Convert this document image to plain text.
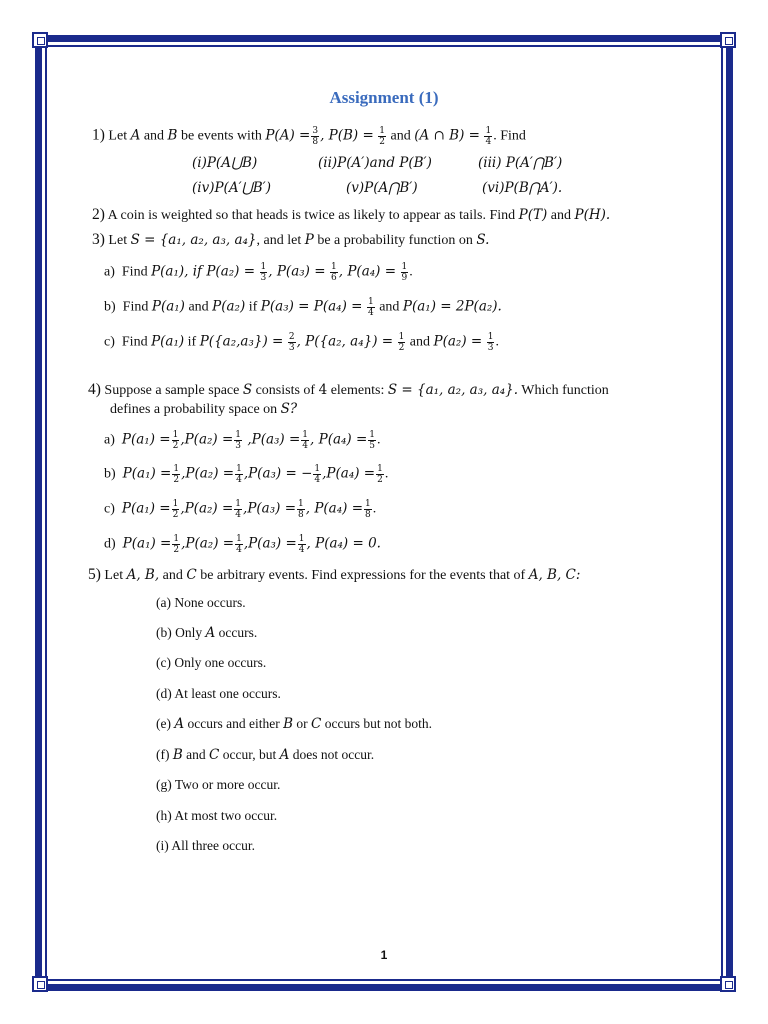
Assignment (1)
1) Let A and B be events with $P(A) = \frac{3}{8}$ , $P(B) = \frac{1}{2}$ and (A ∩ $B) = \frac{1}{4}$ . Find
(i)P(A⋃B)	(ii)P(A′)and P(B′)	(iii) P(A′⋂B′)
(iv)P(A′⋃B′)	(v)P(A⋂B′)	(vi)P(B⋂A′).
2) A coin is weighted so that heads is twice as likely to appear as tails. Find P(T) and P(H).
3) Let S = {a₁, a₂, a₃, a₄}, and let P be a probability function on S.
a) Find P(a₁), if $P(a_2) = \frac{1}{3}$ , $P(a_3) = \frac{1}{6}$ , $P(a_4) = \frac{1}{9}$ .
b) Find P(a₁) and P(a₂) if $P(a_3) = P(a_4) = \frac{1}{4}$ and P(a₁) = 2P(a₂).
c) Find P(a₁) if $P(\{a_2,a_3\}) = \frac{2}{3}$ , P({a₂, $a_4\}) = \frac{1}{2}$ and $P(a_2) = \frac{1}{3}$ .
4) Suppose a sample space S consists of 4 elements: S = {a₁, a₂, a₃, a₄}. Which function
defines a probability space on S?
a) $P(a_1) = \frac{1}{2} ,P(a_2) = \frac{1}{3} ,P(a_3) = \frac{1}{4}$ , $P(a_4) = \frac{1}{5}$ .
b) $P(a_1) = \frac{1}{2} ,P(a_2) = \frac{1}{4} ,P(a_3)$ = − $\frac{1}{4} ,P(a_4) = \frac{1}{2}$ .
c) $P(a_1) = \frac{1}{2} ,P(a_2) = \frac{1}{4} ,P(a_3) = \frac{1}{8}$ , $P(a_4) = \frac{1}{8}$ .
d) $P(a_1) = \frac{1}{2} ,P(a_2) = \frac{1}{4} ,P(a_3) = \frac{1}{4}$ , P(a₄) = 0.
5) Let A, B, and C be arbitrary events. Find expressions for the events that of A, B, C:
(a) None occurs.
(b) Only A occurs.
(c) Only one occurs.
(d) At least one occurs.
(e) A occurs and either B or C occurs but not both.
(f) B and C occur, but A does not occur.
(g) Two or more occur.
(h) At most two occur.
(i) All three occur.
1
